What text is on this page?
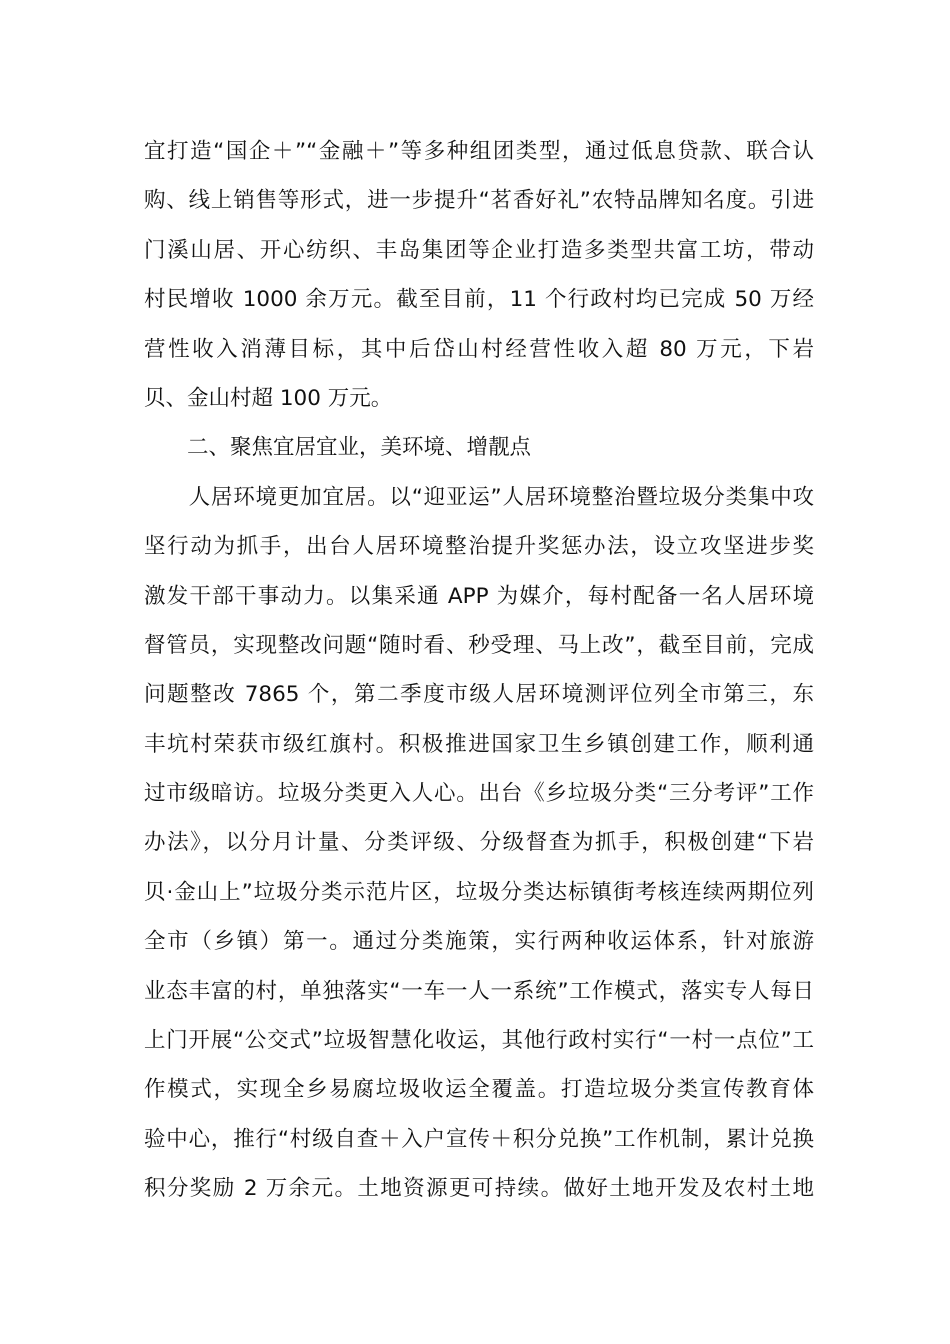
宜打造“国企＋”“金融＋”等多种组团类型，通过低息贷款、联合认
购、线上销售等形式，进一步提升“茗香好礼”农特品牌知名度。引进
门溪山居、开心纺织、丰岛集团等企业打造多类型共富工坊，带动
村民增收 1000 余万元。截至目前，11 个行政村均已完成 50 万经
营性收入消薄目标，其中后岱山村经营性收入超 80 万元，下岩
贝、金山村超 100 万元。
　　二、聚焦宜居宜业，美环境、增靓点
　　人居环境更加宜居。以“迎亚运”人居环境整治暨垃圾分类集中攻
坚行动为抓手，出台人居环境整治提升奖惩办法，设立攻坚进步奖
激发干部干事动力。以集采通 APP 为媒介，每村配备一名人居环境
督管员，实现整改问题“随时看、秒受理、马上改”，截至目前，完成
问题整改 7865 个，第二季度市级人居环境测评位列全市第三，东
丰坑村荣获市级红旗村。积极推进国家卫生乡镇创建工作，顺利通
过市级暗访。垃圾分类更入人心。出台《乡垃圾分类“三分考评”工作
办法》，以分月计量、分类评级、分级督查为抓手，积极创建“下岩
贝·金山上”垃圾分类示范片区，垃圾分类达标镇街考核连续两期位列
全市（乡镇）第一。通过分类施策，实行两种收运体系，针对旅游
业态丰富的村，单独落实“一车一人一系统”工作模式，落实专人每日
上门开展“公交式”垃圾智慧化收运，其他行政村实行“一村一点位”工
作模式，实现全乡易腐垃圾收运全覆盖。打造垃圾分类宣传教育体
验中心，推行“村级自查＋入户宣传＋积分兑换”工作机制，累计兑换
积分奖励 2 万余元。土地资源更可持续。做好土地开发及农村土地
